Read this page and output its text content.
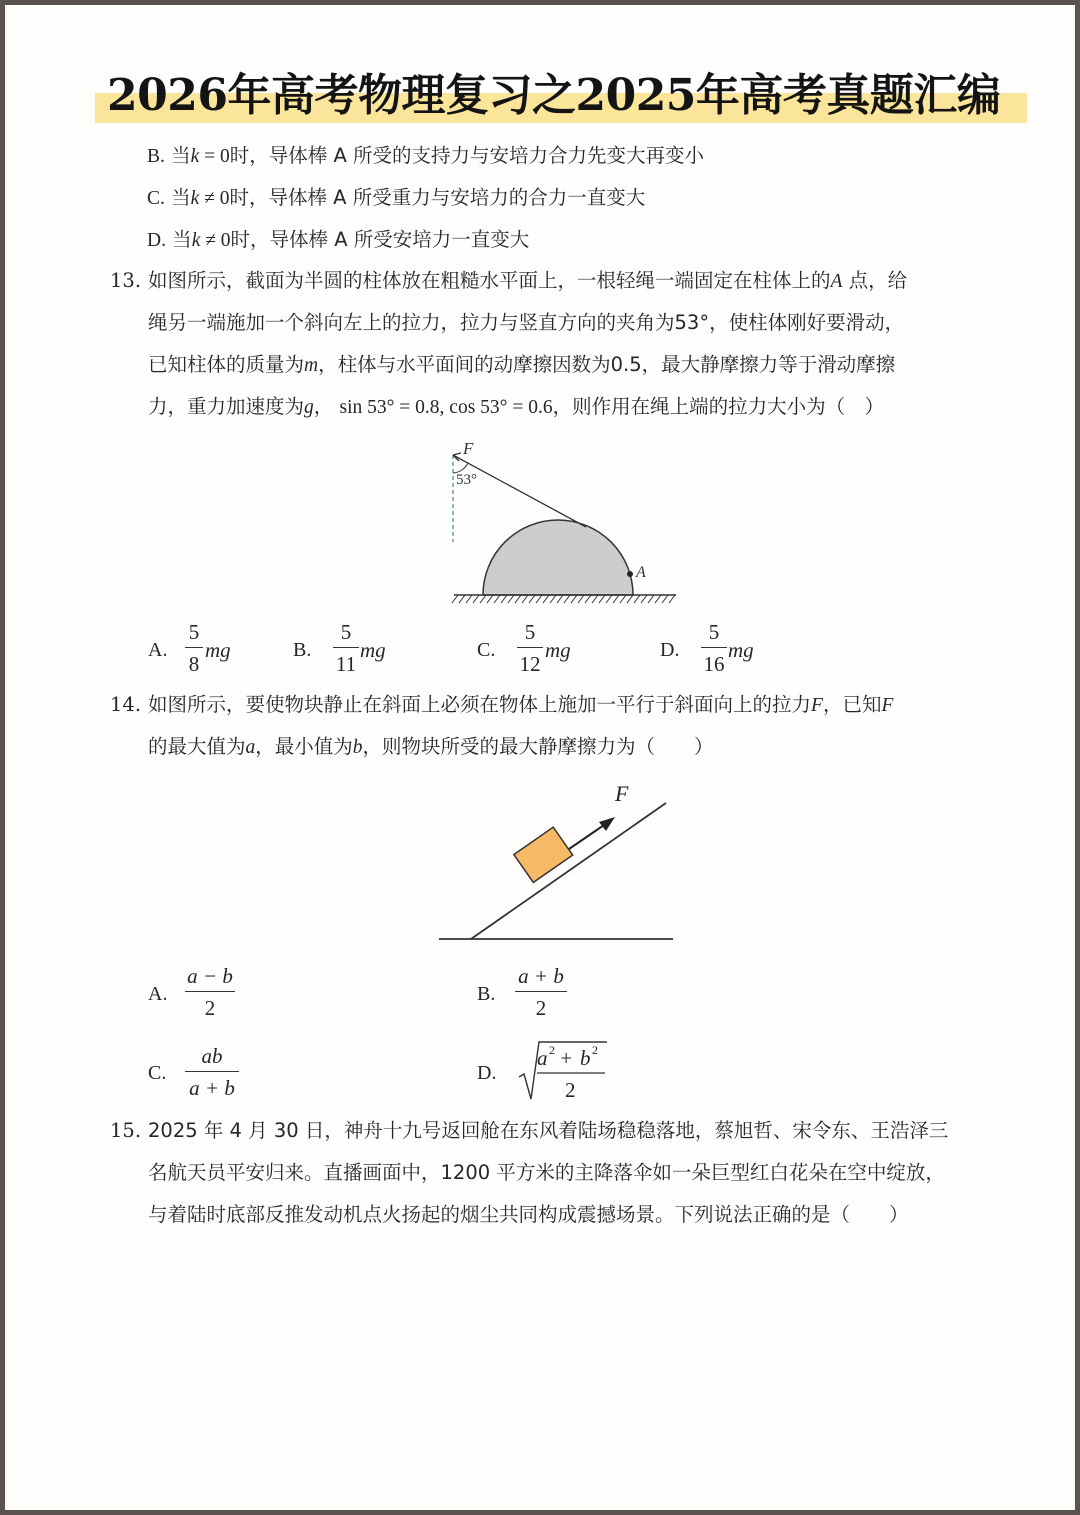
2026年高考物理复习之2025年高考真题汇编
B. 当k = 0时，导体棒 A 所受的支持力与安培力合力先变大再变小
C. 当k ≠ 0时，导体棒 A 所受重力与安培力的合力一直变大
D. 当k ≠ 0时，导体棒 A 所受安培力一直变大
13. 如图所示，截面为半圆的柱体放在粗糙水平面上，一根轻绳一端固定在柱体上的A 点，给
绳另一端施加一个斜向左上的拉力，拉力与竖直方向的夹角为53°，使柱体刚好要滑动，
已知柱体的质量为m，柱体与水平面间的动摩擦因数为0.5，最大静摩擦力等于滑动摩擦
力，重力加速度为g， sin 53° = 0.8, cos 53° = 0.6，则作用在绳上端的拉力大小为（　）
F
53°
A
A.
5
8
mg	B.
5
11
mg	C.
5
12
mg	D.
5
16
mg
14. 如图所示，要使物块静止在斜面上必须在物体上施加一平行于斜面向上的拉力F，已知F
的最大值为a，最小值为b，则物块所受的最大静摩擦力为（　　）
F
A.
a − b
2
B.
a + b
2
C.
ab
a + b
D.
a 2 + b 2
2
15. 2025 年 4 月 30 日，神舟十九号返回舱在东风着陆场稳稳落地，蔡旭哲、宋令东、王浩泽三
名航天员平安归来。直播画面中，1200 平方米的主降落伞如一朵巨型红白花朵在空中绽放，
与着陆时底部反推发动机点火扬起的烟尘共同构成震撼场景。下列说法正确的是（　　）
